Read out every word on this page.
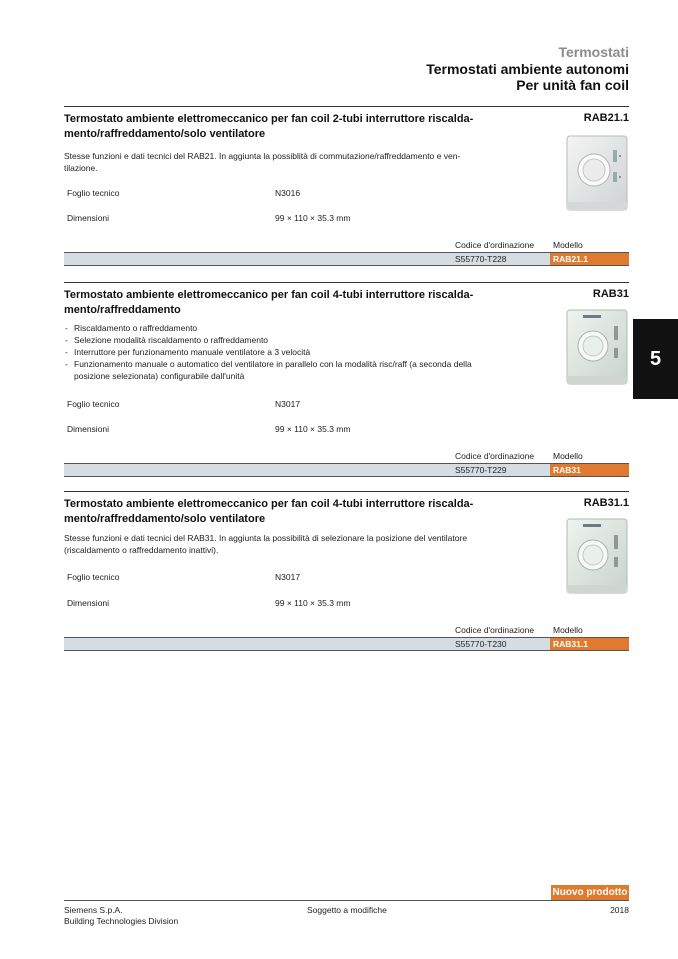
Termostati
Termostati ambiente autonomi
Per unità fan coil
Termostato ambiente elettromeccanico per fan coil 2-tubi interruttore riscalda-mento/raffreddamento/solo ventilatore
RAB21.1
Stesse funzioni e dati tecnici del RAB21. In aggiunta la possiblità di commutazione/raffreddamento e ven-tilazione.
Foglio tecnico	N3016
Dimensioni	99 × 110 × 35.3 mm
Codice d'ordinazione Modello
S55770-T228	RAB21.1
Termostato ambiente elettromeccanico per fan coil 4-tubi interruttore riscalda-mento/raffreddamento
RAB31
- Riscaldamento o raffreddamento
- Selezione modalità riscaldamento o raffreddamento
- Interruttore per funzionamento manuale ventilatore a 3 velocità
- Funzionamento manuale o automatico del ventilatore in parallelo con la modalità risc/raff (a seconda della posizione selezionata) configurabile dall'unità
Foglio tecnico	N3017
Dimensioni	99 × 110 × 35.3 mm
Codice d'ordinazione Modello
S55770-T229	RAB31
Termostato ambiente elettromeccanico per fan coil 4-tubi interruttore riscalda-mento/raffreddamento/solo ventilatore
RAB31.1
Stesse funzioni e dati tecnici del RAB31. In aggiunta la possibilità di selezionare la posizione del ventilatore (riscaldamento o raffreddamento inattivi).
Foglio tecnico	N3017
Dimensioni	99 × 110 × 35.3 mm
Codice d'ordinazione Modello
S55770-T230	RAB31.1
5
Nuovo prodotto
Siemens S.p.A.
Building Technologies Division
Soggetto a modifiche	2018
